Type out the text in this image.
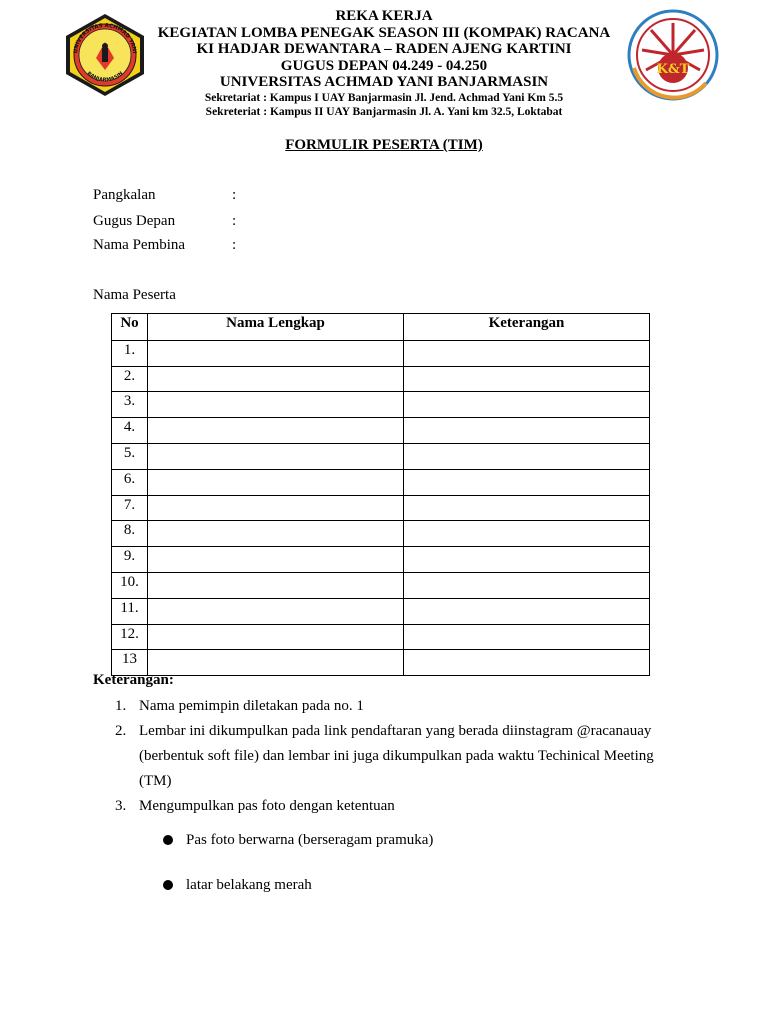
UNIVERSITAS ACHMAD YANI
BANJARMASIN	K&T
REKA KERJA
KEGIATAN LOMBA PENEGAK SEASON III (KOMPAK) RACANA
KI HADJAR DEWANTARA – RADEN AJENG KARTINI
GUGUS DEPAN 04.249 - 04.250
UNIVERSITAS ACHMAD YANI BANJARMASIN
Sekretariat : Kampus I UAY Banjarmasin Jl. Jend. Achmad Yani Km 5.5
Sekreteriat : Kampus II UAY Banjarmasin Jl. A. Yani km 32.5, Loktabat
FORMULIR PESERTA (TIM)
Pangkalan	:
Gugus Depan	:
Nama Pembina	:
Nama Peserta
No	Nama Lengkap	Keterangan
1.		
2.		
3.		
4.		
5.		
6.		
7.		
8.		
9.		
10.		
11.		
12.		
13		
Keterangan:
1. Nama pemimpin diletakan pada no. 1
2. Lembar ini dikumpulkan pada link pendaftaran yang berada diinstagram @racanauay (berbentuk soft file) dan lembar ini juga dikumpulkan pada waktu Techinical Meeting (TM)
3. Mengumpulkan pas foto dengan ketentuan
Pas foto berwarna (berseragam pramuka)
latar belakang merah
